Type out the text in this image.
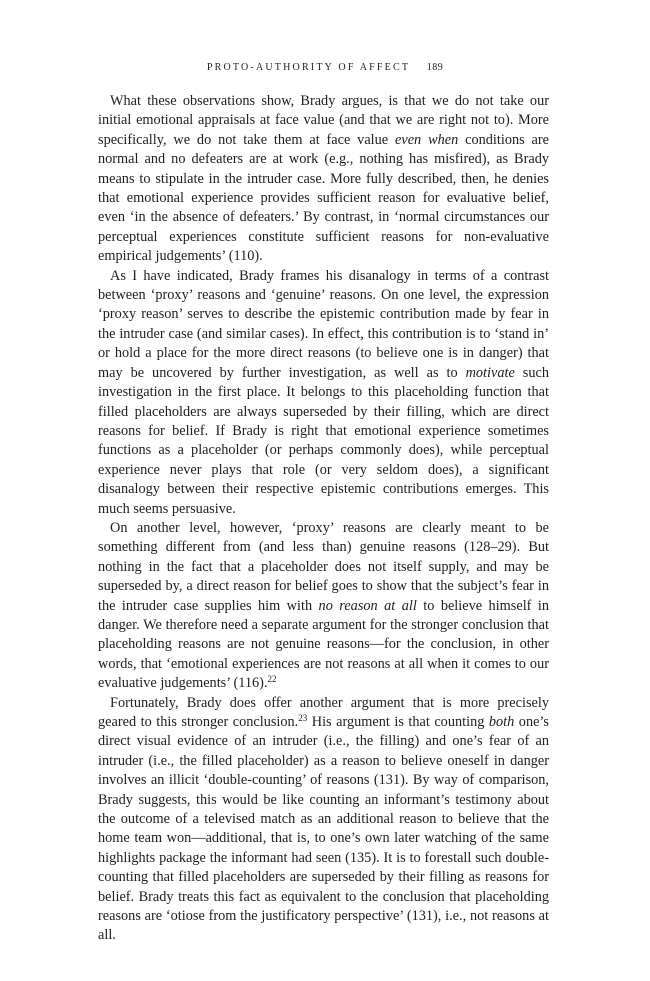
PROTO-AUTHORITY OF AFFECT 189

What these observations show, Brady argues, is that we do not take our initial emotional appraisals at face value (and that we are right not to). More specifically, we do not take them at face value even when conditions are normal and no defeaters are at work (e.g., nothing has misfired), as Brady means to stipulate in the intruder case. More fully described, then, he denies that emotional experience provides sufficient reason for evaluative belief, even ‘in the absence of defeaters.’ By contrast, in ‘normal circumstances our perceptual experiences constitute sufficient reasons for non-evaluative empirical judgements’ (110).

As I have indicated, Brady frames his disanalogy in terms of a contrast between ‘proxy’ reasons and ‘genuine’ reasons. On one level, the expression ‘proxy reason’ serves to describe the epistemic contribution made by fear in the intruder case (and similar cases). In effect, this contribution is to ‘stand in’ or hold a place for the more direct reasons (to believe one is in danger) that may be uncovered by further investigation, as well as to motivate such investigation in the first place. It belongs to this placeholding function that filled placeholders are always superseded by their filling, which are direct reasons for belief. If Brady is right that emotional experience sometimes functions as a placeholder (or perhaps commonly does), while perceptual experience never plays that role (or very seldom does), a significant disanalogy between their respective epistemic contributions emerges. This much seems persuasive.

On another level, however, ‘proxy’ reasons are clearly meant to be something different from (and less than) genuine reasons (128–29). But nothing in the fact that a placeholder does not itself supply, and may be superseded by, a direct reason for belief goes to show that the subject’s fear in the intruder case supplies him with no reason at all to believe himself in danger. We therefore need a separate argument for the stronger conclusion that placeholding reasons are not genuine reasons—for the conclusion, in other words, that ‘emotional experiences are not reasons at all when it comes to our evaluative judgements’ (116).$^{22}$

Fortunately, Brady does offer another argument that is more precisely geared to this stronger conclusion.$^{23}$ His argument is that counting both one’s direct visual evidence of an intruder (i.e., the filling) and one’s fear of an intruder (i.e., the filled placeholder) as a reason to believe oneself in danger involves an illicit ‘double-counting’ of reasons (131). By way of comparison, Brady suggests, this would be like counting an informant’s testimony about the outcome of a televised match as an additional reason to believe that the home team won—additional, that is, to one’s own later watching of the same highlights package the informant had seen (135). It is to forestall such double-counting that filled placeholders are superseded by their filling as reasons for belief. Brady treats this fact as equivalent to the conclusion that placeholding reasons are ‘otiose from the justificatory perspective’ (131), i.e., not reasons at all.
